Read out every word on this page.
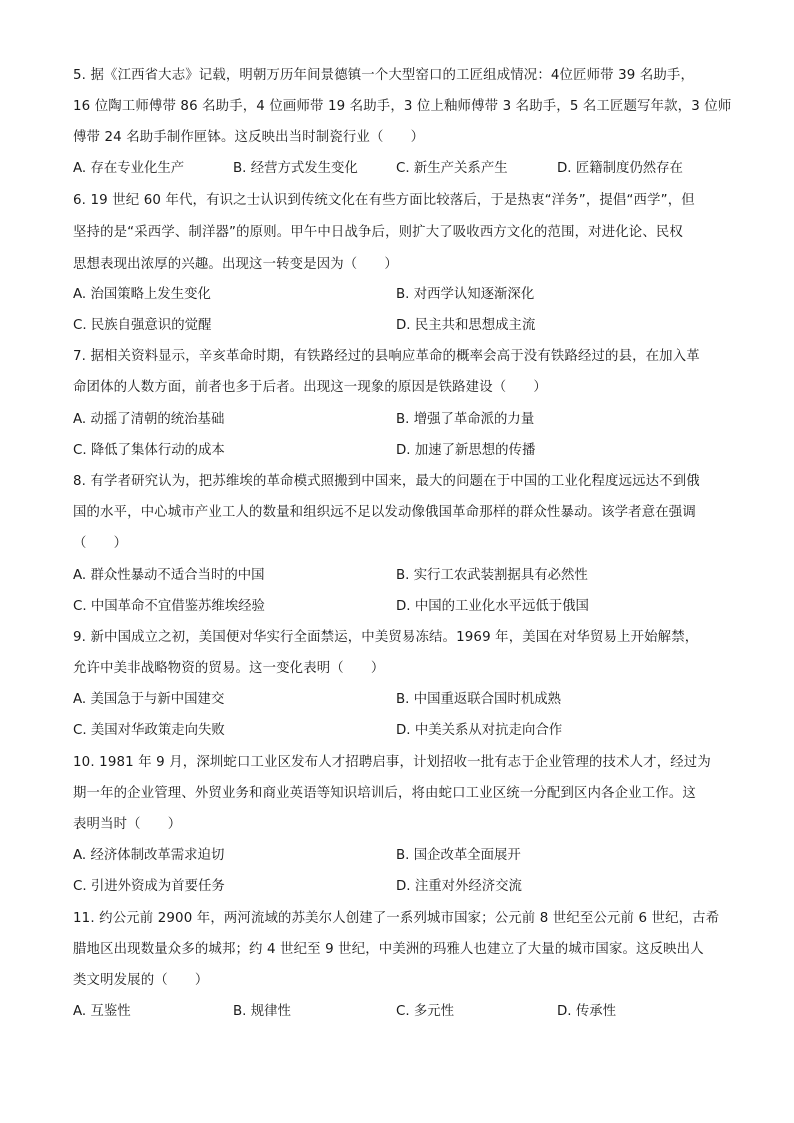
5. 据《江西省大志》记载，明朝万历年间景德镇一个大型窑口的工匠组成情况：4位匠师带 39 名助手，
16 位陶工师傅带 86 名助手，4 位画师带 19 名助手，3 位上釉师傅带 3 名助手，5 名工匠题写年款，3 位师
傅带 24 名助手制作匣钵。这反映出当时制瓷行业（　　）
A. 存在专业化生产	B. 经营方式发生变化	C. 新生产关系产生	D. 匠籍制度仍然存在
6. 19 世纪 60 年代，有识之士认识到传统文化在有些方面比较落后，于是热衷“洋务”，提倡“西学”，但
坚持的是“采西学、制洋器”的原则。甲午中日战争后，则扩大了吸收西方文化的范围，对进化论、民权
思想表现出浓厚的兴趣。出现这一转变是因为（　　）
A. 治国策略上发生变化	B. 对西学认知逐渐深化
C. 民族自强意识的觉醒	D. 民主共和思想成主流
7. 据相关资料显示，辛亥革命时期，有铁路经过的县响应革命的概率会高于没有铁路经过的县，在加入革
命团体的人数方面，前者也多于后者。出现这一现象的原因是铁路建设（　　）
A. 动摇了清朝的统治基础	B. 增强了革命派的力量
C. 降低了集体行动的成本	D. 加速了新思想的传播
8. 有学者研究认为，把苏维埃的革命模式照搬到中国来，最大的问题在于中国的工业化程度远远达不到俄
国的水平，中心城市产业工人的数量和组织远不足以发动像俄国革命那样的群众性暴动。该学者意在强调
（　　）
A. 群众性暴动不适合当时的中国	B. 实行工农武装割据具有必然性
C. 中国革命不宜借鉴苏维埃经验	D. 中国的工业化水平远低于俄国
9. 新中国成立之初，美国便对华实行全面禁运，中美贸易冻结。1969 年，美国在对华贸易上开始解禁，
允许中美非战略物资的贸易。这一变化表明（　　）
A. 美国急于与新中国建交	B. 中国重返联合国时机成熟
C. 美国对华政策走向失败	D. 中美关系从对抗走向合作
10. 1981 年 9 月，深圳蛇口工业区发布人才招聘启事，计划招收一批有志于企业管理的技术人才，经过为
期一年的企业管理、外贸业务和商业英语等知识培训后，将由蛇口工业区统一分配到区内各企业工作。这
表明当时（　　）
A. 经济体制改革需求迫切	B. 国企改革全面展开
C. 引进外资成为首要任务	D. 注重对外经济交流
11. 约公元前 2900 年，两河流域的苏美尔人创建了一系列城市国家；公元前 8 世纪至公元前 6 世纪，古希
腊地区出现数量众多的城邦；约 4 世纪至 9 世纪，中美洲的玛雅人也建立了大量的城市国家。这反映出人
类文明发展的（　　）
A. 互鉴性	B. 规律性	C. 多元性	D. 传承性
